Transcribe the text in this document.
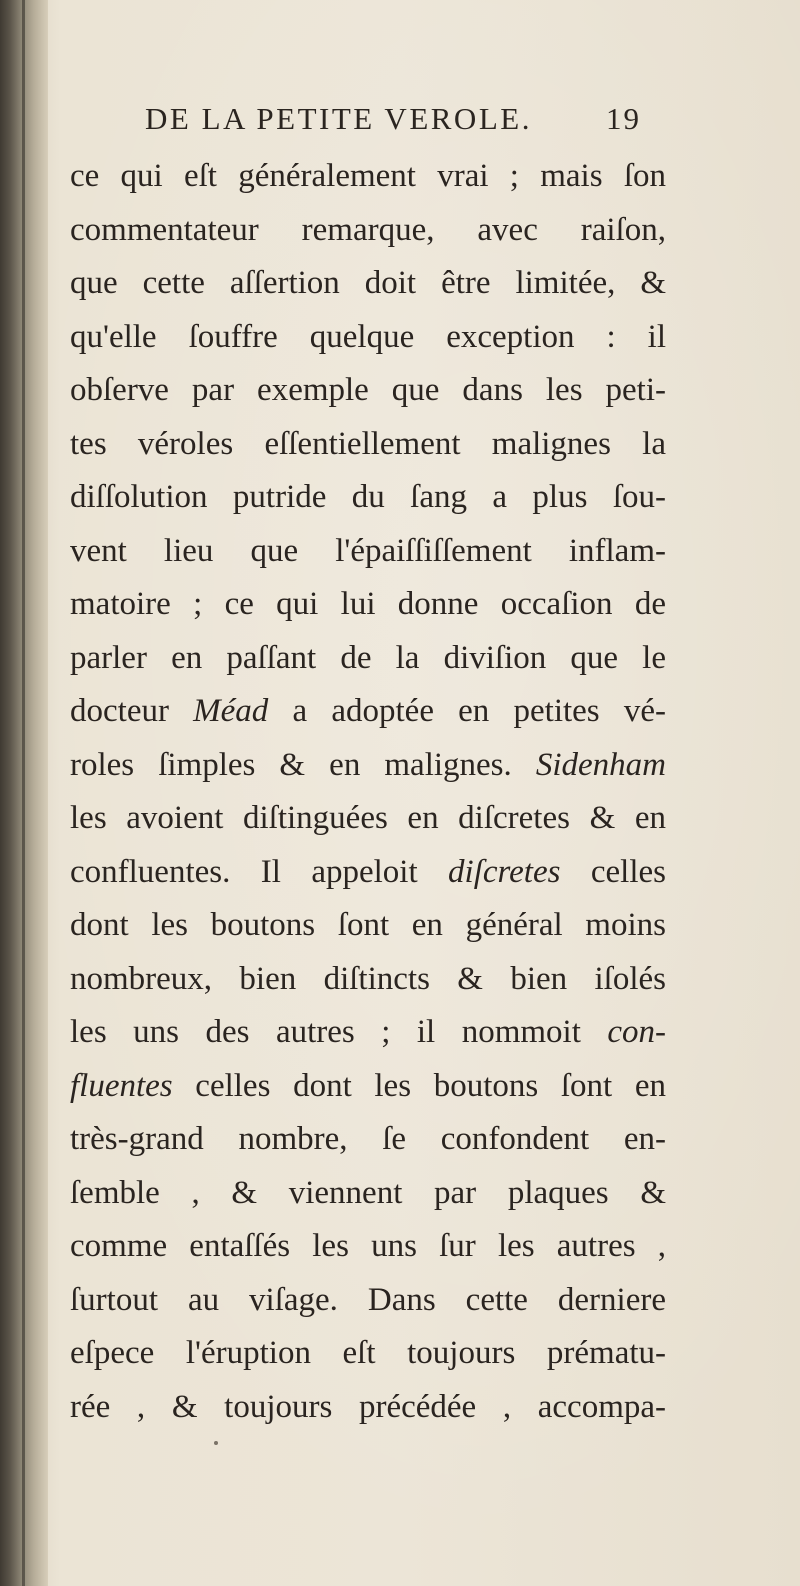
DE LA PETITE VEROLE. 19
ce qui eſt généralement vrai ; mais ſon
commentateur remarque, avec raiſon,
que cette aſſertion doit être limitée, &
qu'elle ſouffre quelque exception : il
obſerve par exemple que dans les peti-
tes véroles eſſentiellement malignes la
diſſolution putride du ſang a plus ſou-
vent lieu que l'épaiſſiſſement inflam-
matoire ; ce qui lui donne occaſion de
parler en paſſant de la diviſion que le
docteur Méad a adoptée en petites vé-
roles ſimples & en malignes. Sidenham
les avoient diſtinguées en diſcretes & en
confluentes. Il appeloit diſcretes celles
dont les boutons ſont en général moins
nombreux, bien diſtincts & bien iſolés
les uns des autres ; il nommoit con-
fluentes celles dont les boutons ſont en
très-grand nombre, ſe confondent en-
ſemble , & viennent par plaques &
comme entaſſés les uns ſur les autres ,
ſurtout au viſage. Dans cette derniere
eſpece l'éruption eſt toujours prématu-
rée , & toujours précédée , accompa-
